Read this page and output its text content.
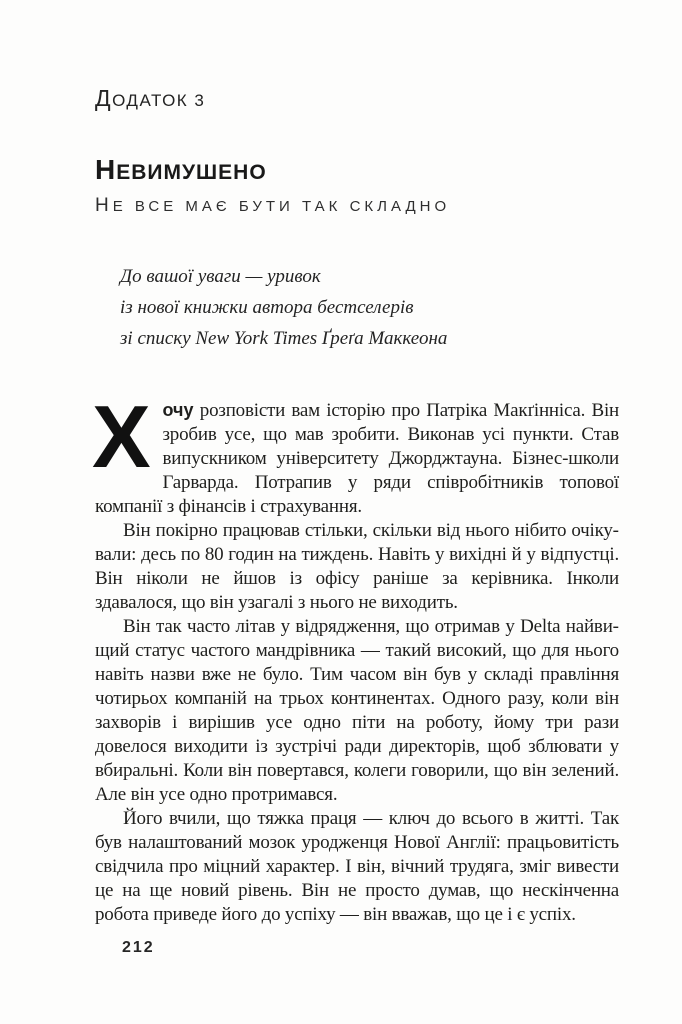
ДОДАТОК 3
НЕВИМУШЕНО
НЕ ВСЕ МАЄ БУТИ ТАК СКЛАДНО
До вашої уваги — уривок
із нової книжки автора бестселерів
зі списку New York Times Ґреґа Маккеона

Хочу розповісти вам історію про Патріка Макґінніса. Він зробив усе, що мав зробити. Виконав усі пункти. Став випускником університету Джорджтауна. Бізнес-школи Гарварда. Потрапив у ряди співробітників топової компанії з фінансів і страхування.

Він покірно працював стільки, скільки від нього нібито очікували: десь по 80 годин на тиждень. Навіть у вихідні й у відпустці. Він ніколи не йшов із офісу раніше за керівника. Інколи здавалося, що він узагалі з нього не виходить.

Він так часто літав у відрядження, що отримав у Delta найвищий статус частого мандрівника — такий високий, що для нього навіть назви вже не було. Тим часом він був у складі правління чотирьох компаній на трьох континентах. Одного разу, коли він захворів і вирішив усе одно піти на роботу, йому три рази довелося виходити із зустрічі ради директорів, щоб зблювати у вбиральні. Коли він повертався, колеги говорили, що він зелений. Але він усе одно протримався.

Його вчили, що тяжка праця — ключ до всього в житті. Так був налаштований мозок уродженця Нової Англії: працьовитість свідчила про міцний характер. І він, вічний трудяга, зміг вивести це на ще новий рівень. Він не просто думав, що нескінченна робота приведе його до успіху — він вважав, що це і є успіх.

212
